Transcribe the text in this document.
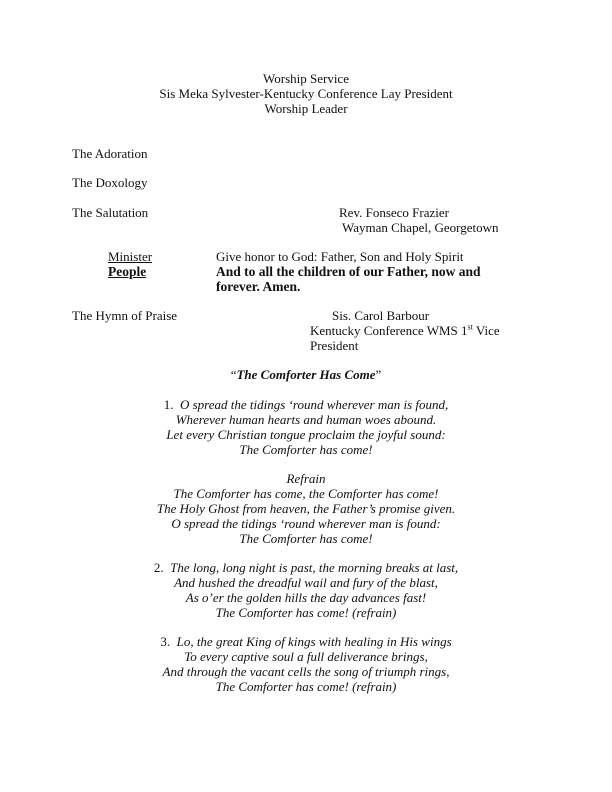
Worship Service
Sis Meka Sylvester-Kentucky Conference Lay President
Worship Leader
The Adoration
The Doxology
The Salutation	Rev. Fonseco Frazier
Wayman Chapel, Georgetown
Minister	Give honor to God: Father, Son and Holy Spirit
People	And to all the children of our Father, now and
forever. Amen.
The Hymn of Praise	Sis. Carol Barbour
Kentucky Conference WMS 1st Vice
President
“The Comforter Has Come”
1. O spread the tidings ‘round wherever man is found,
Wherever human hearts and human woes abound.
Let every Christian tongue proclaim the joyful sound:
The Comforter has come!
Refrain
The Comforter has come, the Comforter has come!
The Holy Ghost from heaven, the Father’s promise given.
O spread the tidings ‘round wherever man is found:
The Comforter has come!
2. The long, long night is past, the morning breaks at last,
And hushed the dreadful wail and fury of the blast,
As o’er the golden hills the day advances fast!
The Comforter has come! (refrain)
3. Lo, the great King of kings with healing in His wings
To every captive soul a full deliverance brings,
And through the vacant cells the song of triumph rings,
The Comforter has come! (refrain)
